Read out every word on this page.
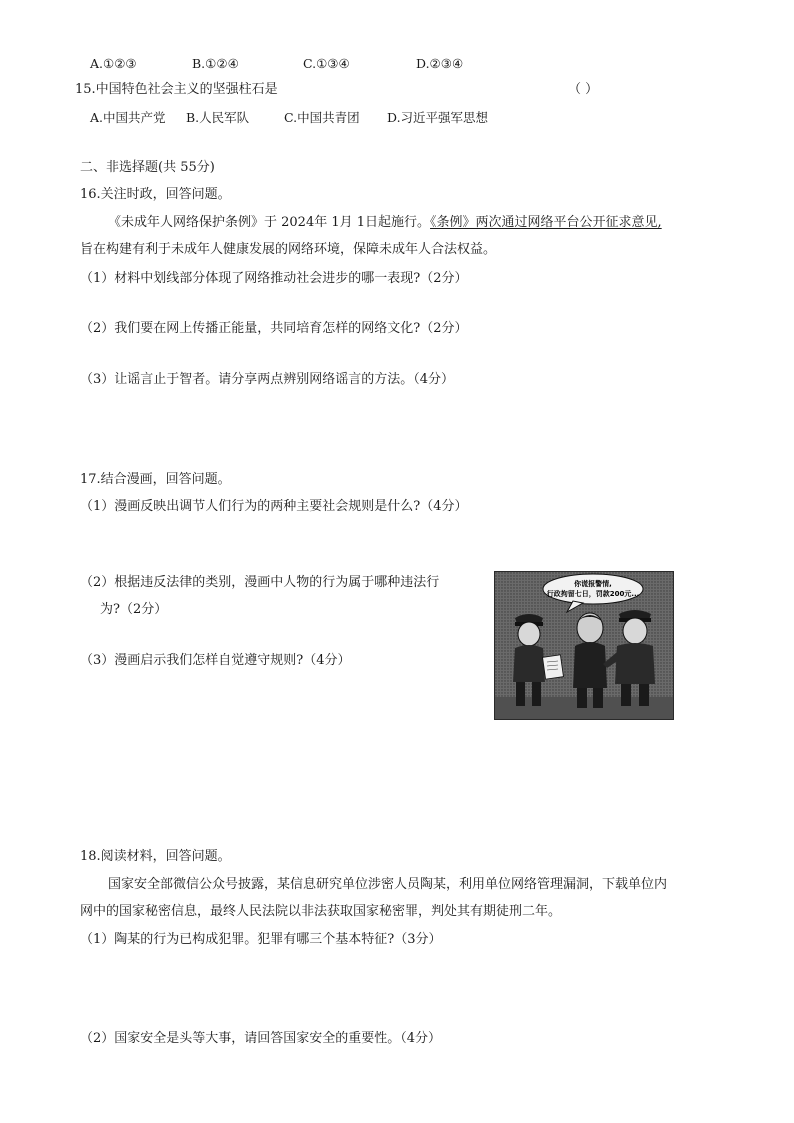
A.①②③	B.①②④	C.①③④	D.②③④
15.中国特色社会主义的坚强柱石是	（ ）
A.中国共产党 B.人民军队	C.中国共青团 D.习近平强军思想
二、非选择题(共 55分)
16.关注时政，回答问题。
《未成年人网络保护条例》于 2024年 1月 1日起施行。《条例》两次通过网络平台公开征求意见,
旨在构建有利于未成年人健康发展的网络环境，保障未成年人合法权益。
（1）材料中划线部分体现了网络推动社会进步的哪一表现?（2分）
（2）我们要在网上传播正能量，共同培育怎样的网络文化?（2分）
（3）让谣言止于智者。请分享两点辨别网络谣言的方法。（4分）
17.结合漫画，回答问题。
（1）漫画反映出调节人们行为的两种主要社会规则是什么?（4分）
（2）根据违反法律的类别，漫画中人物的行为属于哪种违法行
为?（2分）
（3）漫画启示我们怎样自觉遵守规则?（4分）
你谎报警情,
行政拘留七日，罚款200元...
18.阅读材料，回答问题。
国家安全部微信公众号披露，某信息研究单位涉密人员陶某，利用单位网络管理漏洞，下载单位内
网中的国家秘密信息，最终人民法院以非法获取国家秘密罪，判处其有期徒刑二年。
（1）陶某的行为已构成犯罪。犯罪有哪三个基本特征?（3分）
（2）国家安全是头等大事，请回答国家安全的重要性。（4分）
